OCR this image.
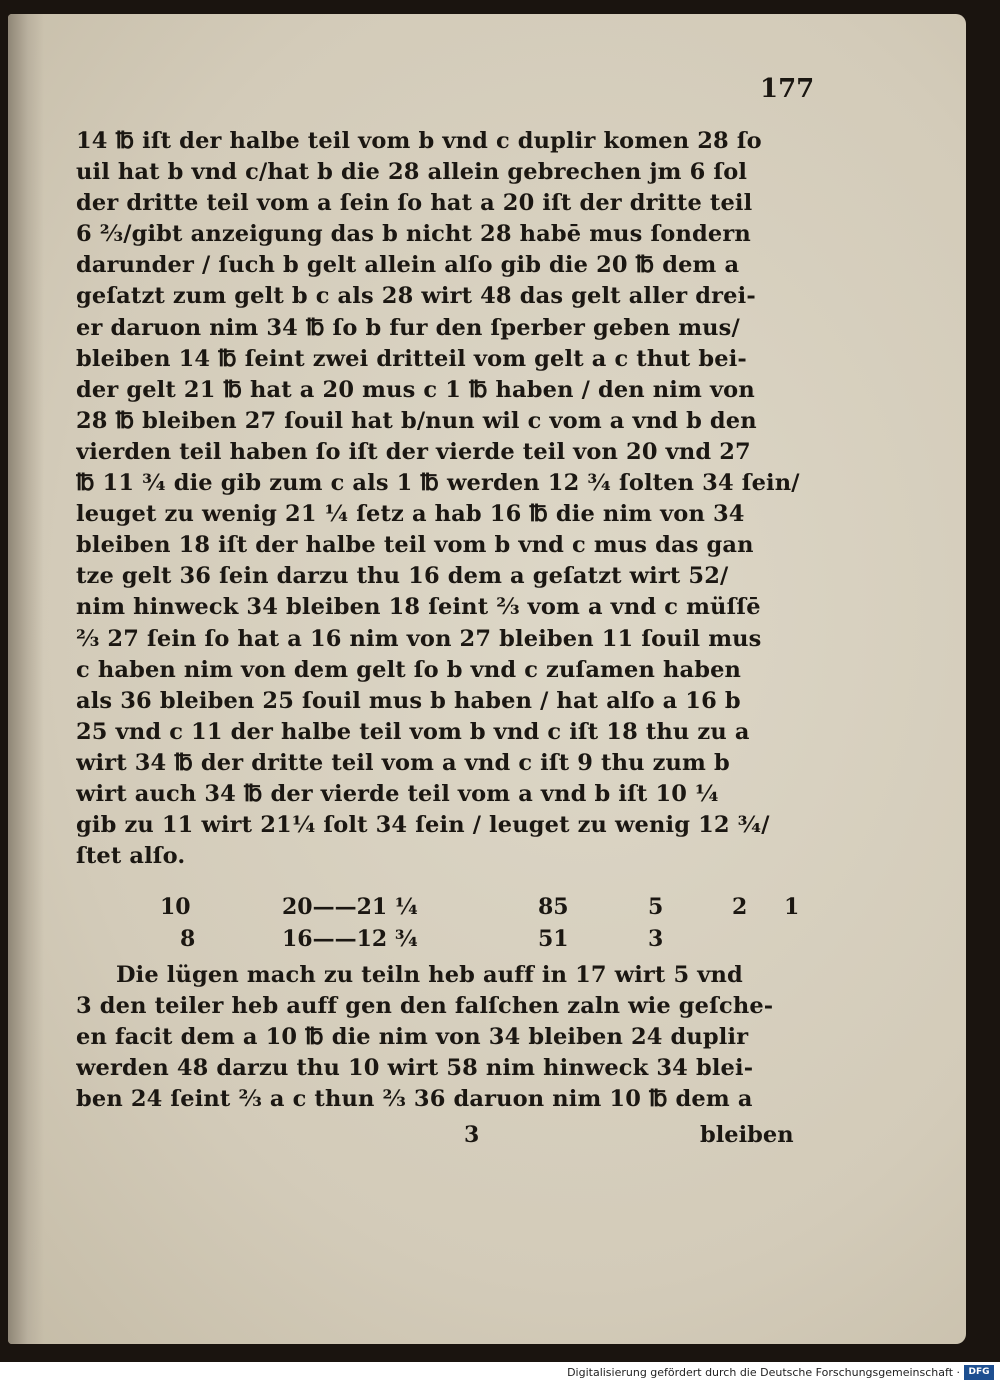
177
14 ℔ iſt der halbe teil vom b vnd c duplir komen 28 ſo
uil hat b vnd c/hat b die 28 allein gebrechen jm 6 ſol
der dritte teil vom a ſein ſo hat a 20 iſt der dritte teil
6 ⅔/gibt anzeigung das b nicht 28 habē mus ſondern
darunder / ſuch b gelt allein alſo gib die 20 ℔ dem a
geſatzt zum gelt b c als 28 wirt 48 das gelt aller drei-
er daruon nim 34 ℔ ſo b fur den ſperber geben mus/
bleiben 14 ℔ ſeint zwei dritteil vom gelt a c thut bei-
der gelt 21 ℔ hat a 20 mus c 1 ℔ haben / den nim von
28 ℔ bleiben 27 ſouil hat b/nun wil c vom a vnd b den
vierden teil haben ſo iſt der vierde teil von 20 vnd 27
℔ 11 ¾ die gib zum c als 1 ℔ werden 12 ¾ ſolten 34 ſein/
leuget zu wenig 21 ¼ ſetz a hab 16 ℔ die nim von 34
bleiben 18 iſt der halbe teil vom b vnd c mus das gan
tze gelt 36 ſein darzu thu 16 dem a geſatzt wirt 52/
nim hinweck 34 bleiben 18 ſeint ⅔ vom a vnd c müſſē
⅔ 27 ſein ſo hat a 16 nim von 27 bleiben 11 ſouil mus
c haben nim von dem gelt ſo b vnd c zuſamen haben
als 36 bleiben 25 ſouil mus b haben / hat alſo a 16 b
25 vnd c 11 der halbe teil vom b vnd c iſt 18 thu zu a
wirt 34 ℔ der dritte teil vom a vnd c iſt 9 thu zum b
wirt auch 34 ℔ der vierde teil vom a vnd b iſt 10 ¼
gib zu 11 wirt 21¼ ſolt 34 ſein / leuget zu wenig 12 ¾/
ſtet alſo.
10	20——21 ¼	85	5	2 1
8	16——12 ¾	51	3
Die lügen mach zu teiln heb auff in 17 wirt 5 vnd
3 den teiler heb auff gen den falſchen zaln wie geſche-
en facit dem a 10 ℔ die nim von 34 bleiben 24 duplir
werden 48 darzu thu 10 wirt 58 nim hinweck 34 blei-
ben 24 ſeint ⅔ a c thun ⅔ 36 daruon nim 10 ℔ dem a
3	bleiben
Digitalisierung gefördert durch die Deutsche Forschungsgemeinschaft · DFG
